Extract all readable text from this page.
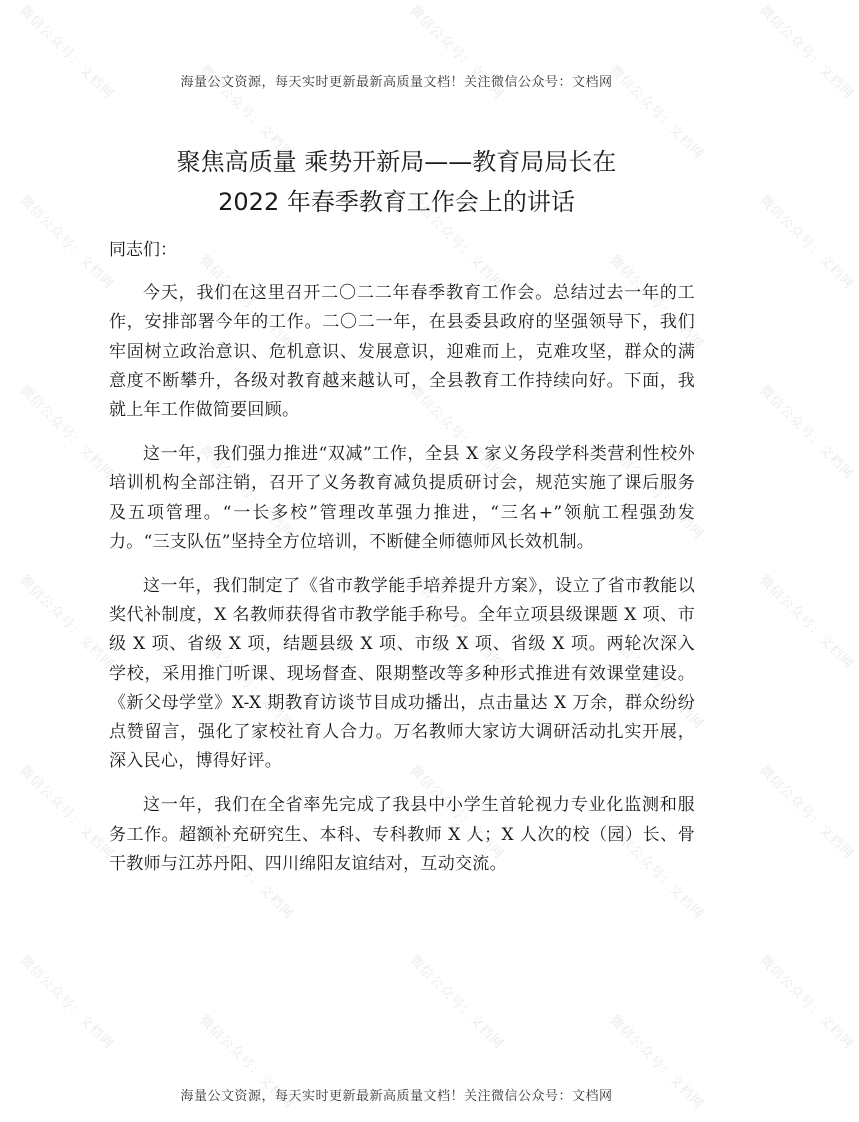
微信公众号：文档网
微信公众号：文档网
微信公众号：文档网
微信公众号：文档网
微信公众号：文档网
微信公众号：文档网
微信公众号：文档网
微信公众号：文档网
微信公众号：文档网
微信公众号：文档网
微信公众号：文档网
微信公众号：文档网
微信公众号：文档网
微信公众号：文档网
微信公众号：文档网
微信公众号：文档网
微信公众号：文档网
微信公众号：文档网
微信公众号：文档网
微信公众号：文档网
微信公众号：文档网
微信公众号：文档网
微信公众号：文档网
微信公众号：文档网
微信公众号：文档网
微信公众号：文档网
微信公众号：文档网
微信公众号：文档网
微信公众号：文档网
微信公众号：文档网
海量公文资源，每天实时更新最新高质量文档！关注微信公众号：文档网
聚焦高质量 乘势开新局——教育局局长在
2022 年春季教育工作会上的讲话

同志们：

今天，我们在这里召开二〇二二年春季教育工作会。总结过去一年的工作，安排部署今年的工作。二〇二一年，在县委县政府的坚强领导下，我们牢固树立政治意识、危机意识、发展意识，迎难而上，克难攻坚，群众的满意度不断攀升，各级对教育越来越认可，全县教育工作持续向好。下面，我就上年工作做简要回顾。

这一年，我们强力推进“双减”工作，全县 X 家义务段学科类营利性校外培训机构全部注销，召开了义务教育减负提质研讨会，规范实施了课后服务及五项管理。“一长多校”管理改革强力推进，“三名+”领航工程强劲发力。“三支队伍”坚持全方位培训，不断健全师德师风长效机制。

这一年，我们制定了《省市教学能手培养提升方案》，设立了省市教能以奖代补制度，X 名教师获得省市教学能手称号。全年立项县级课题 X 项、市级 X 项、省级 X 项，结题县级 X 项、市级 X 项、省级 X 项。两轮次深入学校，采用推门听课、现场督查、限期整改等多种形式推进有效课堂建设。《新父母学堂》X-X 期教育访谈节目成功播出，点击量达 X 万余，群众纷纷点赞留言，强化了家校社育人合力。万名教师大家访大调研活动扎实开展，深入民心，博得好评。

这一年，我们在全省率先完成了我县中小学生首轮视力专业化监测和服务工作。超额补充研究生、本科、专科教师 X 人；X 人次的校（园）长、骨干教师与江苏丹阳、四川绵阳友谊结对，互动交流。

海量公文资源，每天实时更新最新高质量文档！关注微信公众号：文档网
